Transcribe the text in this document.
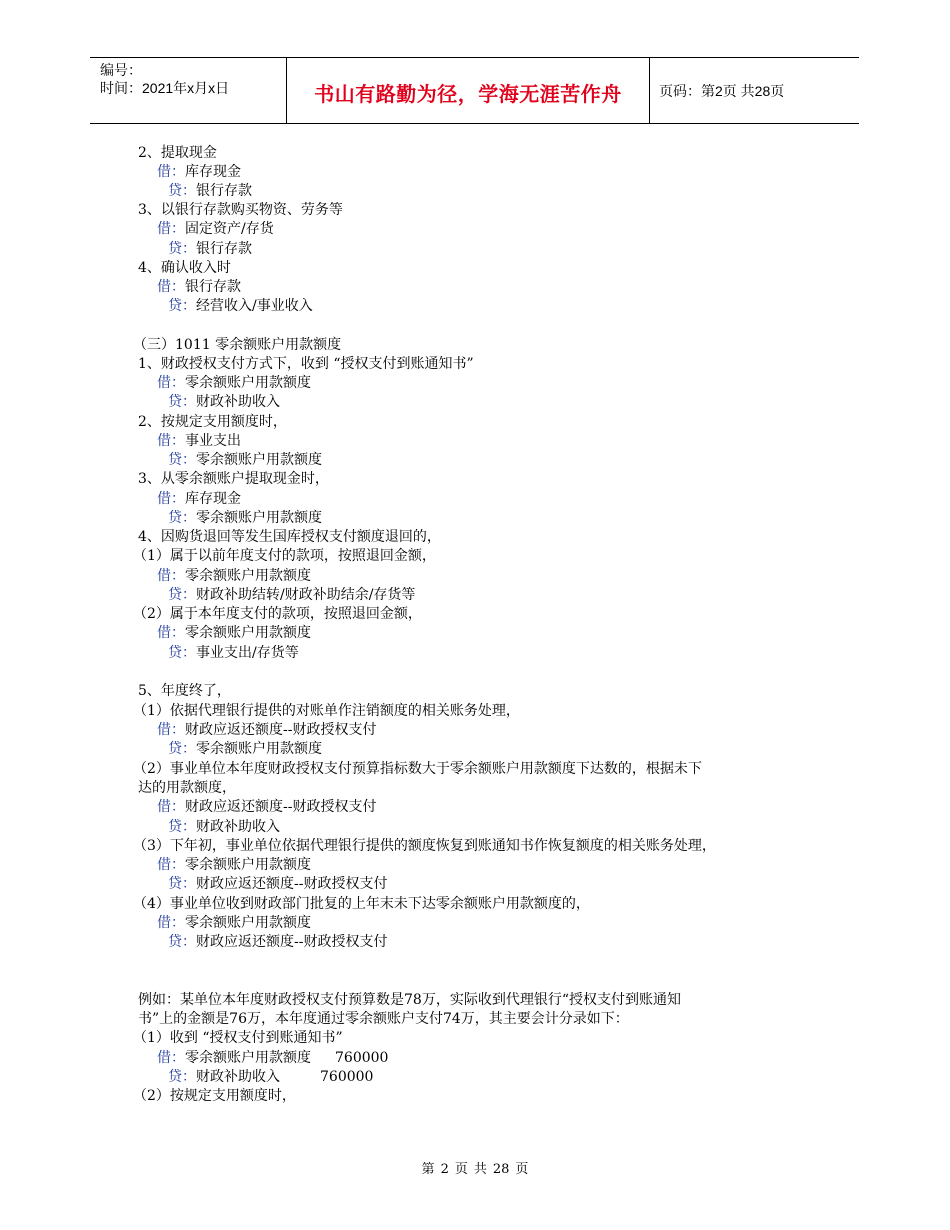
编号：
时间：2021年x月x日	书山有路勤为径，学海无涯苦作舟	页码：第2页 共28页
2、提取现金
借：库存现金
贷：银行存款
3、以银行存款购买物资、劳务等
借：固定资产/存货
贷：银行存款
4、确认收入时
借：银行存款
贷：经营收入/事业收入
（三）1011 零余额账户用款额度
1、财政授权支付方式下，收到 “授权支付到账通知书”
借：零余额账户用款额度
贷：财政补助收入
2、按规定支用额度时，
借：事业支出
贷：零余额账户用款额度
3、从零余额账户提取现金时，
借：库存现金
贷：零余额账户用款额度
4、因购货退回等发生国库授权支付额度退回的，
（1）属于以前年度支付的款项，按照退回金额，
借：零余额账户用款额度
贷：财政补助结转/财政补助结余/存货等
（2）属于本年度支付的款项，按照退回金额，
借：零余额账户用款额度
贷：事业支出/存货等
5、年度终了，
（1）依据代理银行提供的对账单作注销额度的相关账务处理，
借：财政应返还额度--财政授权支付
贷：零余额账户用款额度
（2）事业单位本年度财政授权支付预算指标数大于零余额账户用款额度下达数的，根据未下
达的用款额度，
借：财政应返还额度--财政授权支付
贷：财政补助收入
（3）下年初，事业单位依据代理银行提供的额度恢复到账通知书作恢复额度的相关账务处理，
借：零余额账户用款额度
贷：财政应返还额度--财政授权支付
（4）事业单位收到财政部门批复的上年末未下达零余额账户用款额度的，
借：零余额账户用款额度
贷：财政应返还额度--财政授权支付
例如：某单位本年度财政授权支付预算数是78万，实际收到代理银行“授权支付到账通知
书”上的金额是76万，本年度通过零余额账户支付74万，其主要会计分录如下：
（1）收到 “授权支付到账通知书”
借：零余额账户用款额度 760000
贷：财政补助收入	760000
（2）按规定支用额度时，
第 2 页 共 28 页
